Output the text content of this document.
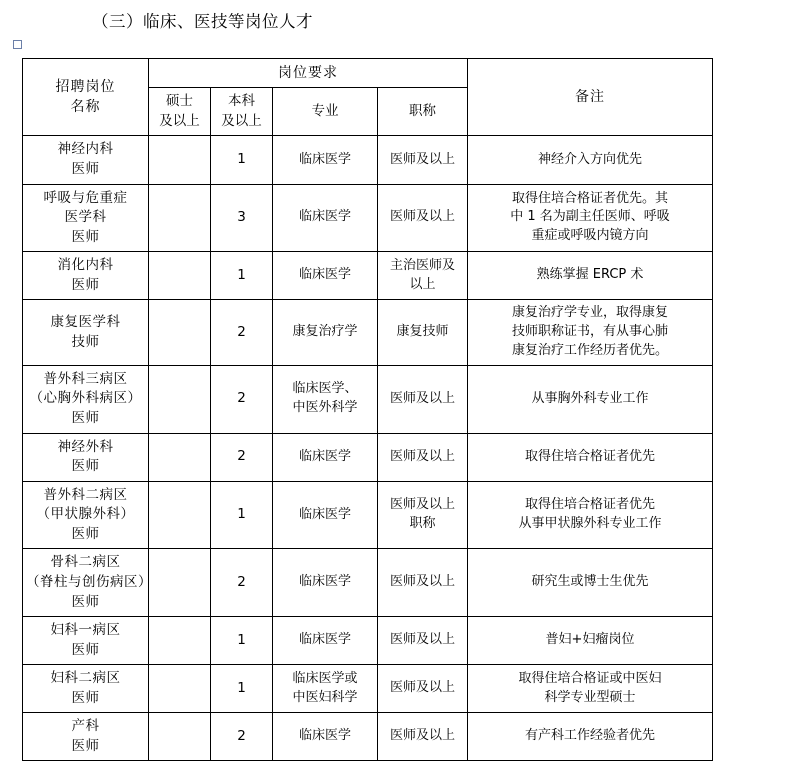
（三）临床、医技等岗位人才
招聘岗位
名称	岗位要求				备注

	硕士
及以上	本科
及以上	专业	职称	

神经内科
医师		1	临床医学	医师及以上	神经介入方向优先

呼吸与危重症
医学科
医师		3	临床医学	医师及以上	取得住培合格证者优先。其
中 1 名为副主任医师、呼吸
重症或呼吸内镜方向

消化内科
医师		1	临床医学	主治医师及
以上	熟练掌握 ERCP 术

康复医学科
技师		2	康复治疗学	康复技师	康复治疗学专业，取得康复
技师职称证书，有从事心肺
康复治疗工作经历者优先。

普外科三病区
（心胸外科病区）
医师		2	临床医学、
中医外科学	医师及以上	从事胸外科专业工作

神经外科
医师		2	临床医学	医师及以上	取得住培合格证者优先

普外科二病区
（甲状腺外科）
医师		1	临床医学	医师及以上
职称	取得住培合格证者优先
从事甲状腺外科专业工作

骨科二病区
（脊柱与创伤病区）
医师		2	临床医学	医师及以上	研究生或博士生优先

妇科一病区
医师		1	临床医学	医师及以上	普妇+妇瘤岗位

妇科二病区
医师		1	临床医学或
中医妇科学	医师及以上	取得住培合格证或中医妇
科学专业型硕士

产科
医师		2	临床医学	医师及以上	有产科工作经验者优先
